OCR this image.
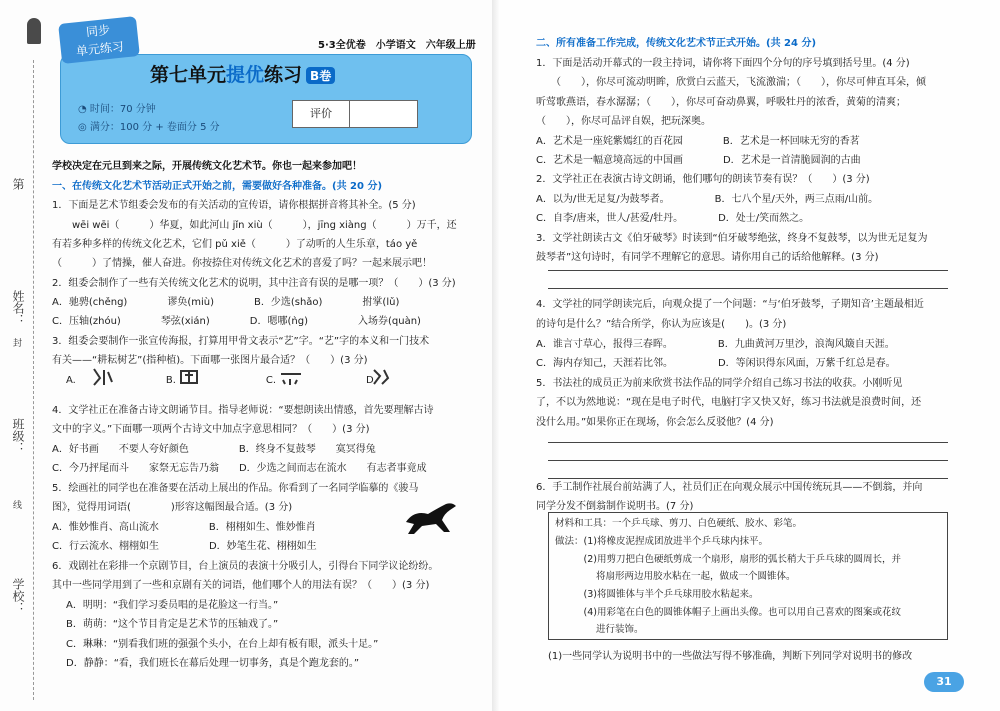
第
姓名：
封
班级：
线
学校：
5·3全优卷　小学语文　六年级上册
同步
单元练习
第七单元提优练习 B卷
◔ 时间：70 分钟
◎ 满分：100 分 + 卷面分 5 分
评价
学校决定在元旦到来之际，开展传统文化艺术节。你也一起来参加吧！
一、在传统文化艺术节活动正式开始之前，需要做好各种准备。(共 20 分)
1．下面是艺术节组委会发布的有关活动的宣传语，请你根据拼音将其补全。(5 分)
　　wēi wēi（　　　）华夏，如此河山 jǐn xiù（　　　），jīng xiàng（　　　）万千，还
有若多种多样的传统文化艺术，它们 pǔ xiě（　　　）了动听的人生乐章，táo yě
（　　　）了情操，催人奋进。你按捺住对传统文化艺术的喜爱了吗？一起来展示吧！
2．组委会制作了一些有关传统文化艺术的说明，其中注音有误的是哪一项？（　　）(3 分)
A．驰骋(chěng)　　　　谬奂(miù)　　　　B．少选(shǎo)　　　　拊掌(lǔ)
C．压轴(zhóu)　　　　琴弦(xián)　　　　D．嗯哪(ǹg)　　　　　入场券(quàn)
3．组委会要制作一张宣传海报，打算用甲骨文表示“艺”字。“艺”字的本义和一门技术
有关——“耕耘树艺”(指种植)。下面哪一张图片最合适？（　　）(3 分)
A.　　　　　　　　　B.　　　　　　　　　C.　　　　　　　　　D.
4．文学社正在准备古诗文朗诵节目。指导老师说：“要想朗读出情感，首先要理解古诗
文中的字义。”下面哪一项两个古诗文中加点字意思相同？（　　）(3 分)
A．好书画　　不要人夸好颜色　　　　　B．终身不复鼓琴　　寞冥得兔
C．今乃抨尾而斗　　家祭无忘告乃翁　　D．少选之间而志在流水　　有志者事竟成
5．绘画社的同学也在准备要在活动上展出的作品。你看到了一名同学临摹的《骏马
图》，觉得用词语(　　　　)形容这幅图最合适。(3 分)
A．惟妙惟肖、高山流水　　　　　B．栩栩如生、惟妙惟肖
C．行云流水、栩栩如生　　　　　D．妙笔生花、栩栩如生
6．戏剧社在彩排一个京剧节目，台上演员的表演十分吸引人，引得台下同学议论纷纷。
其中一些同学用到了一些和京剧有关的词语，他们哪个人的用法有误？（　　）(3 分)
A．明明：“我们学习委员唱的是花脸这一行当。”
B．萌萌：“这个节目肯定是艺术节的压轴戏了。”
C．琳琳：“别看我们班的强强个头小，在台上却有板有眼，派头十足。”
D．静静：“看，我们班长在幕后处理一切事务，真是个跑龙套的。”
二、所有准备工作完成，传统文化艺术节正式开始。(共 24 分)
1．下面是活动开幕式的一段主持词，请你将下面四个分句的序号填到括号里。(4 分)
　　（　　），你尽可流动明眸，欣赏白云蓝天，飞流激湍；（　　），你尽可伸直耳朵，倾
听莺歌燕语，春水潺潺；（　　），你尽可奋动鼻翼，呼吸牡丹的浓香，黄菊的清爽；
（　　），你尽可品评自娱，把玩深奥。
A．艺术是一座姹紫嫣红的百花园　　　　B．艺术是一杯回味无穷的香茗
C．艺术是一幅意境高远的中国画　　　　D．艺术是一首清脆圆润的古曲
2．文学社正在表演古诗文朗诵，他们哪句的朗读节奏有误？（　　）(3 分)
A．以为/世无足复/为鼓琴者。　　　　　B．七八个星/天外，两三点雨/山前。
C．自李/唐来，世人/甚爱/牡丹。　　　　D．处士/笑而然之。
3．文学社朗读古文《伯牙破琴》时读到“伯牙破琴绝弦，终身不复鼓琴，以为世无足复为
鼓琴者”这句诗时，有同学不理解它的意思。请你用自己的话给他解释。(3 分)
4．文学社的同学朗读完后，向观众提了一个问题：“与‘伯牙鼓琴，子期知音’主题最相近
的诗句是什么？”结合所学，你认为应该是(　　)。(3 分)
A．谁言寸草心，报得三春晖。　　　　　B．九曲黄河万里沙，浪淘风簸自天涯。
C．海内存知己，天涯若比邻。　　　　　D．等闲识得东风面，万紫千红总是春。
5．书法社的成员正为前来欣赏书法作品的同学介绍自己练习书法的收获。小刚听见
了，不以为然地说：“现在是电子时代，电脑打字又快又好，练习书法就是浪费时间，还
没什么用。”如果你正在现场，你会怎么反驳他？(4 分)
6．手工制作社展台前站满了人，社员们正在向观众展示中国传统玩具——不倒翁，并向
同学分发不倒翁制作说明书。(7 分)
(1)一些同学认为说明书中的一些做法写得不够准确，判断下列同学对说明书的修改
材料和工具：一个乒乓球、剪刀、白色硬纸、胶水、彩笔。
做法：(1)将橡皮泥捏成团放进半个乒乓球内抹平。
　　　(2)用剪刀把白色硬纸剪成一个扇形，扇形的弧长稍大于乒乓球的圆周长，并
　　　　 将扇形两边用胶水粘在一起，做成一个圆锥体。
　　　(3)将圆锥体与半个乒乓球用胶水粘起来。
　　　(4)用彩笔在白色的圆锥体帽子上画出头像。也可以用自己喜欢的图案或花纹
　　　　 进行装饰。
31
